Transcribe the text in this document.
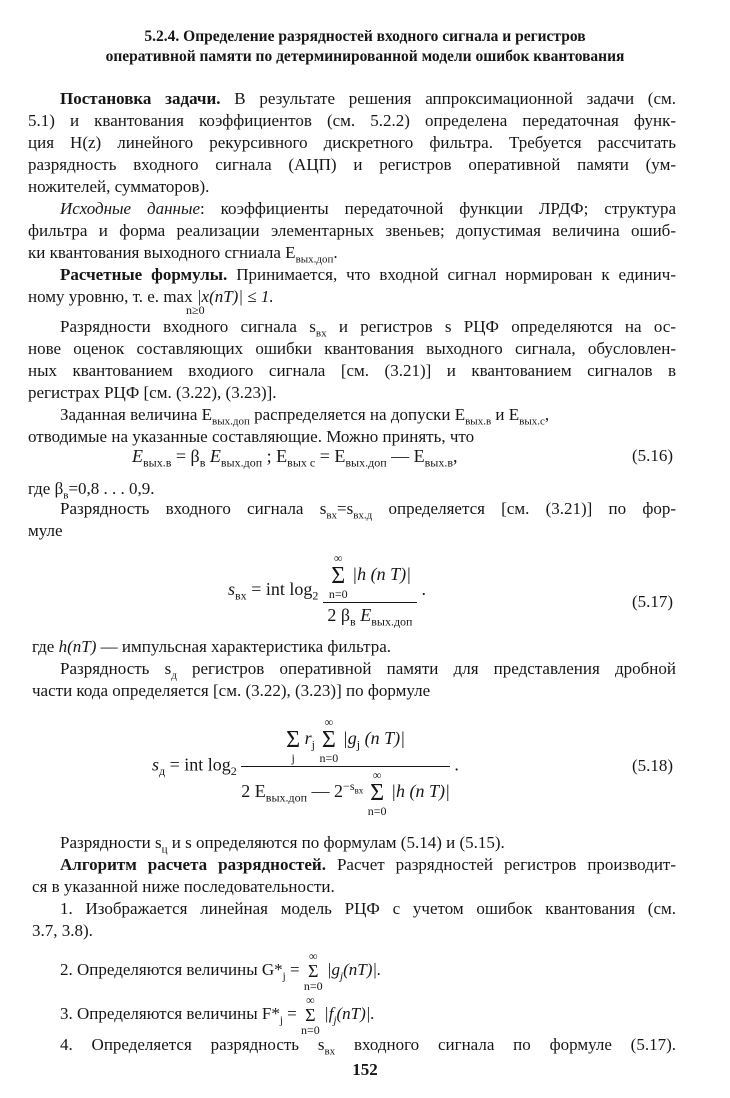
5.2.4. Определение разрядностей входного сигнала и регистров
оперативной памяти по детерминированной модели ошибок квантования
Постановка задачи. В результате решения аппроксимационной задачи (см.
5.1) и квантования коэффициентов (см. 5.2.2) определена передаточная функ-
ция H(z) линейного рекурсивного дискретного фильтра. Требуется рассчитать
разрядность входного сигнала (АЦП) и регистров оперативной памяти (ум-
ножителей, сумматоров).
Исходные данные: коэффициенты передаточной функции ЛРДФ; структура
фильтра и форма реализации элементарных звеньев; допустимая величина ошиб-
ки квантования выходного сгниала $E_{вых.доп}$.
Расчетные формулы. Принимается, что входной сигнал нормирован к единич-
ному уровню, т. е. max |x(nT)| ≤ 1.
n≥0
Разрядности входного сигнала $s_{вх}$ и регистров s РЦФ определяются на ос-
нове оценок составляющих ошибки квантования выходного сигнала, обусловлен-
ных квантованием входиого сигнала [см. (3.21)] и квантованием сигналов в
регистрах РЦФ [см. (3.22), (3.23)].
Заданная величина $E_{вых.доп}$ распределяется на допуски $E_{вых.в}$ и $E_{вых.с}$,
отводимые на указанные составляющие. Можно принять, что
$E_{вых.в} = \beta_в$ $E_{вых.доп}$ ; $E_{вых с} = E_{вых.доп}$ — $E_{вых.в}$,	(5.16)
где $\beta_в=0,8$ . . . 0,9.
Разрядность входного сигнала $s_{вх}=s_{вх.д}$ определяется [см. (3.21)] по фор-
муле
$s_{вх}$ = int $\log_2$ ∞
Σ
n=0
|h (n T)|
2 $\beta_в$ $E_{вых.доп}$ .
(5.17)
где h(nT) — импульсная характеристика фильтра.
Разрядность $s_д$ регистров оперативной памяти для представления дробной
части кода определяется [см. (3.22), (3.23)] по формуле
$s_д$ = int $\log_2$
Σ
j
$r_j$
∞
Σ
n=0
$|g_j$ (n T)|
2 $E_{вых.доп}$ — $2^{-s_{вх}}$
∞
Σ
n=0
|h (n T)| .	(5.18)
Разрядности $s_ц$ и s определяются по формулам (5.14) и (5.15).
Алгоритм расчета разрядностей. Расчет разрядностей регистров производит-
ся в указанной ниже последовательности.
1. Изображается линейная модель РЦФ с учетом ошибок квантования (см.
3.7, 3.8).
2. Определяются величины $G*_j$ =
∞
Σ
n=0
$|g_j(nT)|$.
3. Определяются величины $F*_j$ =
∞
Σ
n=0
$|f_j(nT)|$.
4. Определяется разрядность $s_{вх}$ входного сигнала по формуле (5.17).
152
